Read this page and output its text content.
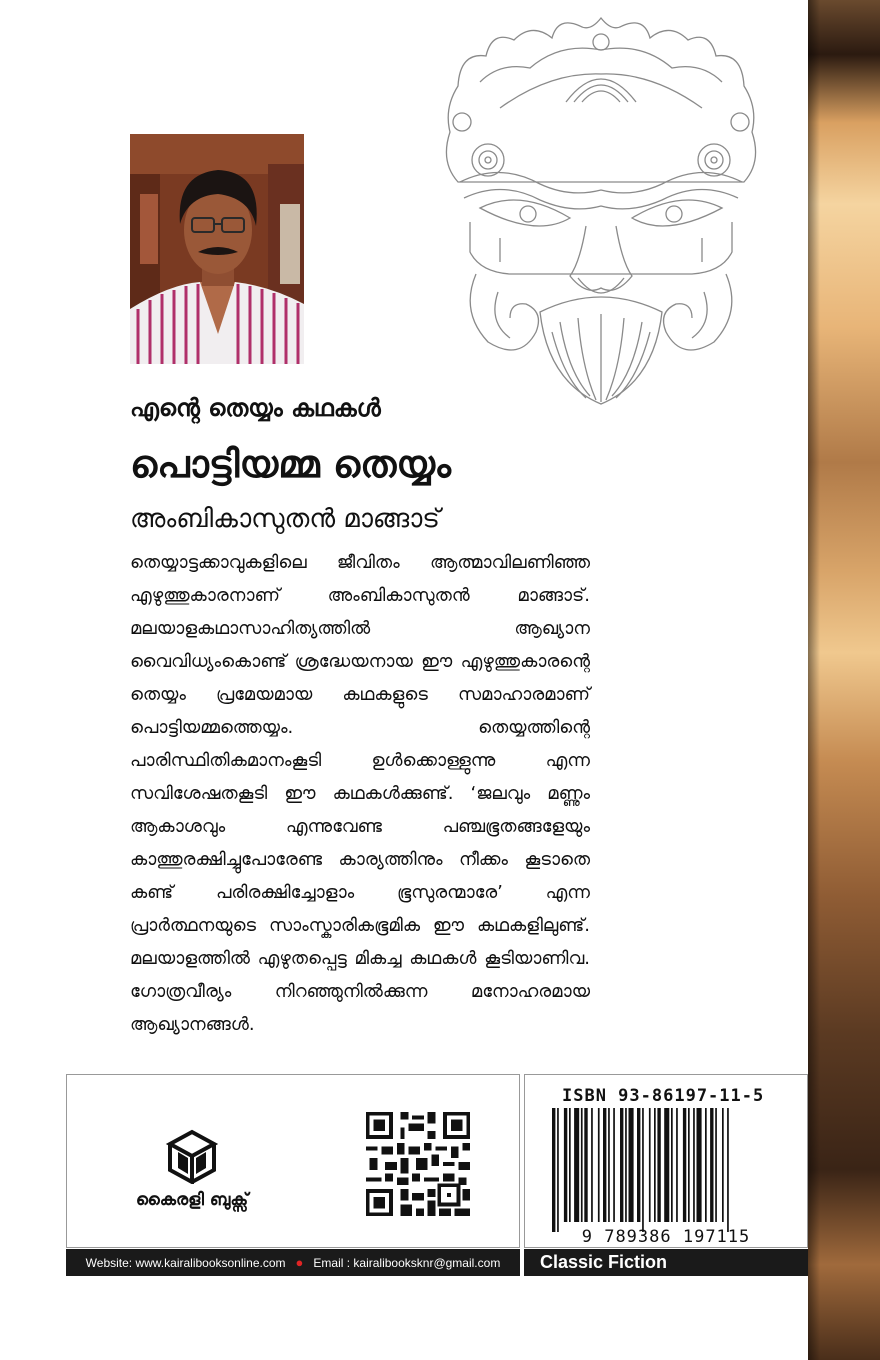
എന്റെ തെയ്യം കഥകൾ
പൊട്ടിയമ്മ തെയ്യം
അംബികാസുതൻ മാങ്ങാട്

തെയ്യാട്ടക്കാവുകളിലെ ജീവിതം ആത്മാവിലണിഞ്ഞ എഴുത്തുകാരനാണ് അംബികാസുതൻ മാങ്ങാട്. മലയാളകഥാസാഹിത്യത്തിൽ ആഖ്യാന വൈവിധ്യംകൊണ്ട് ശ്രദ്ധേയനായ ഈ എഴുത്തുകാരന്റെ തെയ്യം പ്രമേയമായ കഥകളുടെ സമാഹാരമാണ് പൊട്ടിയമ്മത്തെയ്യം. തെയ്യത്തിന്റെ പാരിസ്ഥിതികമാനംകൂടി ഉൾക്കൊള്ളുന്നു എന്ന സവിശേഷതകൂടി ഈ കഥകൾക്കുണ്ട്. ‘ജലവും മണ്ണും ആകാശവും എന്നുവേണ്ട പഞ്ചഭൂതങ്ങളേയും കാത്തുരക്ഷിച്ചുപോരേണ്ട കാര്യത്തിനും നീക്കം കൂടാതെ കണ്ട് പരിരക്ഷിച്ചോളാം ഭൂസുരന്മാരേ’ എന്ന പ്രാർത്ഥനയുടെ സാംസ്കാരികഭൂമിക ഈ കഥകളിലുണ്ട്. മലയാളത്തിൽ എഴുതപ്പെട്ട മികച്ച കഥകൾ കൂടിയാണിവ. ഗോത്രവീര്യം നിറഞ്ഞുനിൽക്കുന്ന മനോഹരമായ ആഖ്യാനങ്ങൾ.

കൈരളി ബുക്സ്
Website: www.kairalibooksonline.com ● Email : kairalibooksknr@gmail.com
ISBN 93-86197-11-5
9 789386 197115
Classic Fiction
